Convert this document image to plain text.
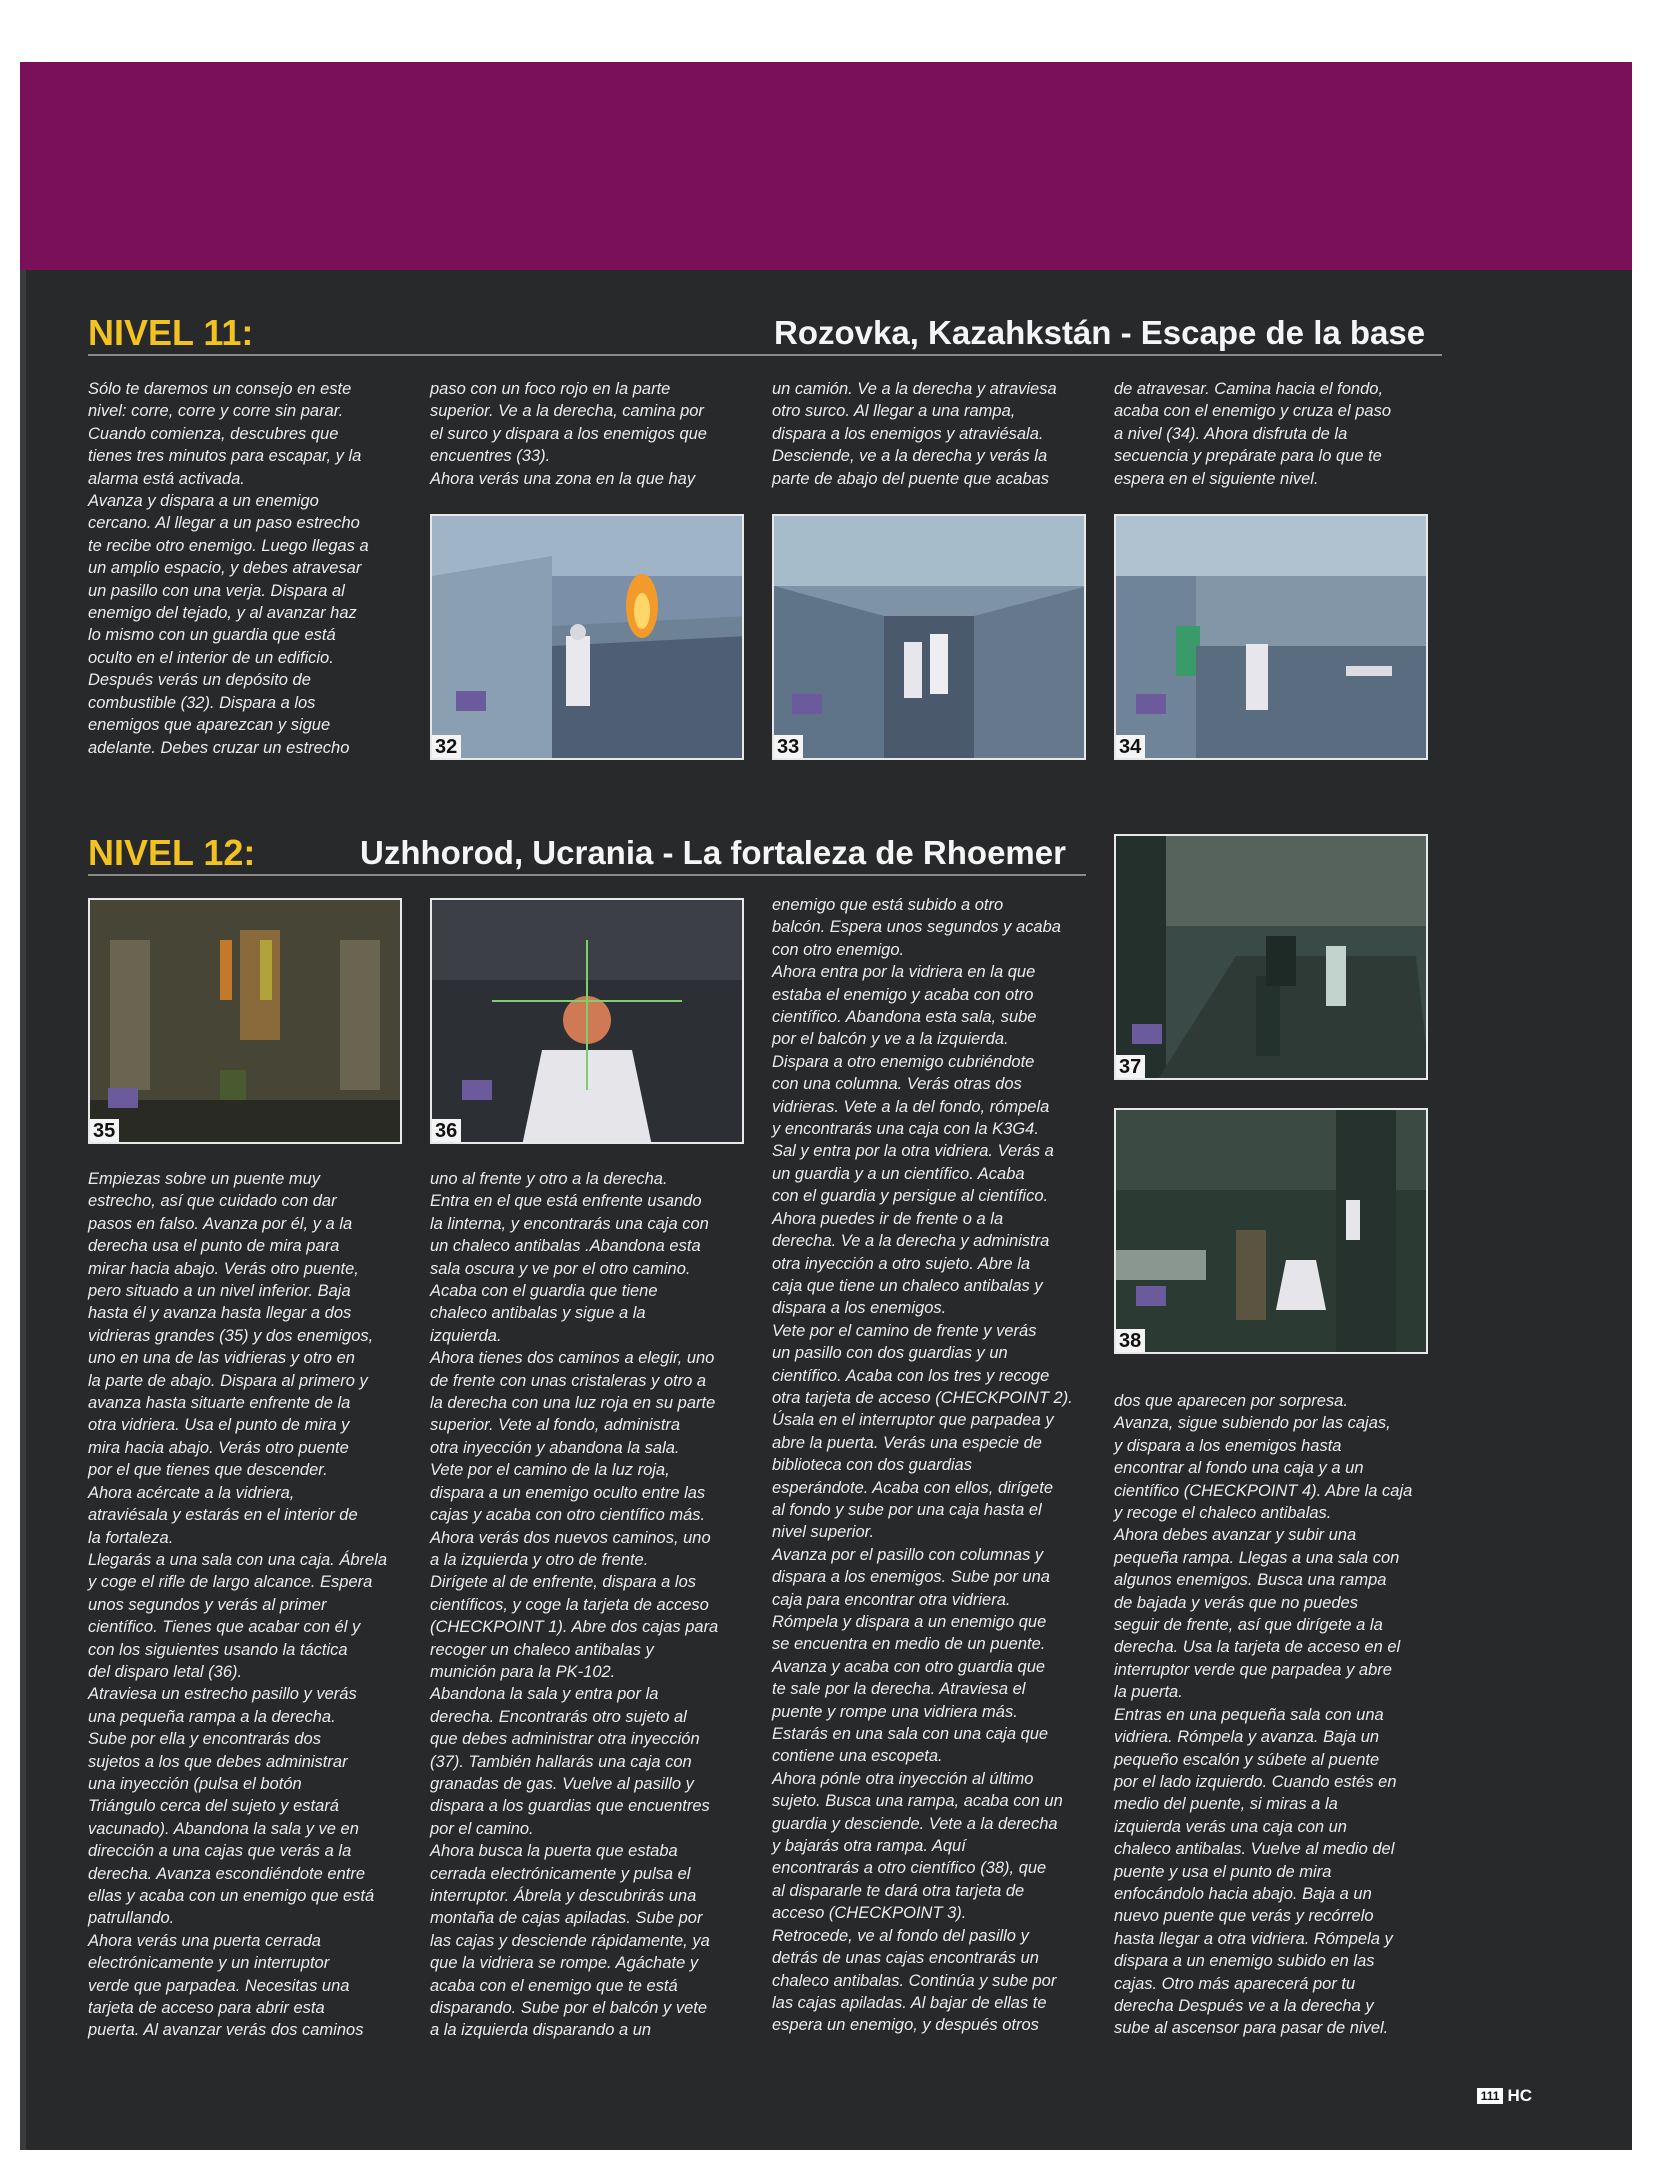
NIVEL 11:	Rozovka, Kazahkstán - Escape de la base
Sólo te daremos un consejo en este
nivel: corre, corre y corre sin parar.
Cuando comienza, descubres que
tienes tres minutos para escapar, y la
alarma está activada.
Avanza y dispara a un enemigo
cercano. Al llegar a un paso estrecho
te recibe otro enemigo. Luego llegas a
un amplio espacio, y debes atravesar
un pasillo con una verja. Dispara al
enemigo del tejado, y al avanzar haz
lo mismo con un guardia que está
oculto en el interior de un edificio.
Después verás un depósito de
combustible (32). Dispara a los
enemigos que aparezcan y sigue
adelante. Debes cruzar un estrecho
paso con un foco rojo en la parte
superior. Ve a la derecha, camina por
el surco y dispara a los enemigos que
encuentres (33).
Ahora verás una zona en la que hay
un camión. Ve a la derecha y atraviesa
otro surco. Al llegar a una rampa,
dispara a los enemigos y atraviésala.
Desciende, ve a la derecha y verás la
parte de abajo del puente que acabas
de atravesar. Camina hacia el fondo,
acaba con el enemigo y cruza el paso
a nivel (34). Ahora disfruta de la
secuencia y prepárate para lo que te
espera en el siguiente nivel.
32	33	34
NIVEL 12:	Uzhhorod, Ucrania - La fortaleza de Rhoemer
35	36
Empiezas sobre un puente muy
estrecho, así que cuidado con dar
pasos en falso. Avanza por él, y a la
derecha usa el punto de mira para
mirar hacia abajo. Verás otro puente,
pero situado a un nivel inferior. Baja
hasta él y avanza hasta llegar a dos
vidrieras grandes (35) y dos enemigos,
uno en una de las vidrieras y otro en
la parte de abajo. Dispara al primero y
avanza hasta situarte enfrente de la
otra vidriera. Usa el punto de mira y
mira hacia abajo. Verás otro puente
por el que tienes que descender.
Ahora acércate a la vidriera,
atraviésala y estarás en el interior de
la fortaleza.
Llegarás a una sala con una caja. Ábrela
y coge el rifle de largo alcance. Espera
unos segundos y verás al primer
científico. Tienes que acabar con él y
con los siguientes usando la táctica
del disparo letal (36).
Atraviesa un estrecho pasillo y verás
una pequeña rampa a la derecha.
Sube por ella y encontrarás dos
sujetos a los que debes administrar
una inyección (pulsa el botón
Triángulo cerca del sujeto y estará
vacunado). Abandona la sala y ve en
dirección a una cajas que verás a la
derecha. Avanza escondiéndote entre
ellas y acaba con un enemigo que está
patrullando.
Ahora verás una puerta cerrada
electrónicamente y un interruptor
verde que parpadea. Necesitas una
tarjeta de acceso para abrir esta
puerta. Al avanzar verás dos caminos
uno al frente y otro a la derecha.
Entra en el que está enfrente usando
la linterna, y encontrarás una caja con
un chaleco antibalas .Abandona esta
sala oscura y ve por el otro camino.
Acaba con el guardia que tiene
chaleco antibalas y sigue a la
izquierda.
Ahora tienes dos caminos a elegir, uno
de frente con unas cristaleras y otro a
la derecha con una luz roja en su parte
superior. Vete al fondo, administra
otra inyección y abandona la sala.
Vete por el camino de la luz roja,
dispara a un enemigo oculto entre las
cajas y acaba con otro científico más.
Ahora verás dos nuevos caminos, uno
a la izquierda y otro de frente.
Dirígete al de enfrente, dispara a los
científicos, y coge la tarjeta de acceso
(CHECKPOINT 1). Abre dos cajas para
recoger un chaleco antibalas y
munición para la PK-102.
Abandona la sala y entra por la
derecha. Encontrarás otro sujeto al
que debes administrar otra inyección
(37). También hallarás una caja con
granadas de gas. Vuelve al pasillo y
dispara a los guardias que encuentres
por el camino.
Ahora busca la puerta que estaba
cerrada electrónicamente y pulsa el
interruptor. Ábrela y descubrirás una
montaña de cajas apiladas. Sube por
las cajas y desciende rápidamente, ya
que la vidriera se rompe. Agáchate y
acaba con el enemigo que te está
disparando. Sube por el balcón y vete
a la izquierda disparando a un
enemigo que está subido a otro
balcón. Espera unos segundos y acaba
con otro enemigo.
Ahora entra por la vidriera en la que
estaba el enemigo y acaba con otro
científico. Abandona esta sala, sube
por el balcón y ve a la izquierda.
Dispara a otro enemigo cubriéndote
con una columna. Verás otras dos
vidrieras. Vete a la del fondo, rómpela
y encontrarás una caja con la K3G4.
Sal y entra por la otra vidriera. Verás a
un guardia y a un científico. Acaba
con el guardia y persigue al científico.
Ahora puedes ir de frente o a la
derecha. Ve a la derecha y administra
otra inyección a otro sujeto. Abre la
caja que tiene un chaleco antibalas y
dispara a los enemigos.
Vete por el camino de frente y verás
un pasillo con dos guardias y un
científico. Acaba con los tres y recoge
otra tarjeta de acceso (CHECKPOINT 2).
Úsala en el interruptor que parpadea y
abre la puerta. Verás una especie de
biblioteca con dos guardias
esperándote. Acaba con ellos, dirígete
al fondo y sube por una caja hasta el
nivel superior.
Avanza por el pasillo con columnas y
dispara a los enemigos. Sube por una
caja para encontrar otra vidriera.
Rómpela y dispara a un enemigo que
se encuentra en medio de un puente.
Avanza y acaba con otro guardia que
te sale por la derecha. Atraviesa el
puente y rompe una vidriera más.
Estarás en una sala con una caja que
contiene una escopeta.
Ahora pónle otra inyección al último
sujeto. Busca una rampa, acaba con un
guardia y desciende. Vete a la derecha
y bajarás otra rampa. Aquí
encontrarás a otro científico (38), que
al dispararle te dará otra tarjeta de
acceso (CHECKPOINT 3).
Retrocede, ve al fondo del pasillo y
detrás de unas cajas encontrarás un
chaleco antibalas. Continúa y sube por
las cajas apiladas. Al bajar de ellas te
espera un enemigo, y después otros
37
38
dos que aparecen por sorpresa.
Avanza, sigue subiendo por las cajas,
y dispara a los enemigos hasta
encontrar al fondo una caja y a un
científico (CHECKPOINT 4). Abre la caja
y recoge el chaleco antibalas.
Ahora debes avanzar y subir una
pequeña rampa. Llegas a una sala con
algunos enemigos. Busca una rampa
de bajada y verás que no puedes
seguir de frente, así que dirígete a la
derecha. Usa la tarjeta de acceso en el
interruptor verde que parpadea y abre
la puerta.
Entras en una pequeña sala con una
vidriera. Rómpela y avanza. Baja un
pequeño escalón y súbete al puente
por el lado izquierdo. Cuando estés en
medio del puente, si miras a la
izquierda verás una caja con un
chaleco antibalas. Vuelve al medio del
puente y usa el punto de mira
enfocándolo hacia abajo. Baja a un
nuevo puente que verás y recórrelo
hasta llegar a otra vidriera. Rómpela y
dispara a un enemigo subido en las
cajas. Otro más aparecerá por tu
derecha Después ve a la derecha y
sube al ascensor para pasar de nivel.
111 HC
